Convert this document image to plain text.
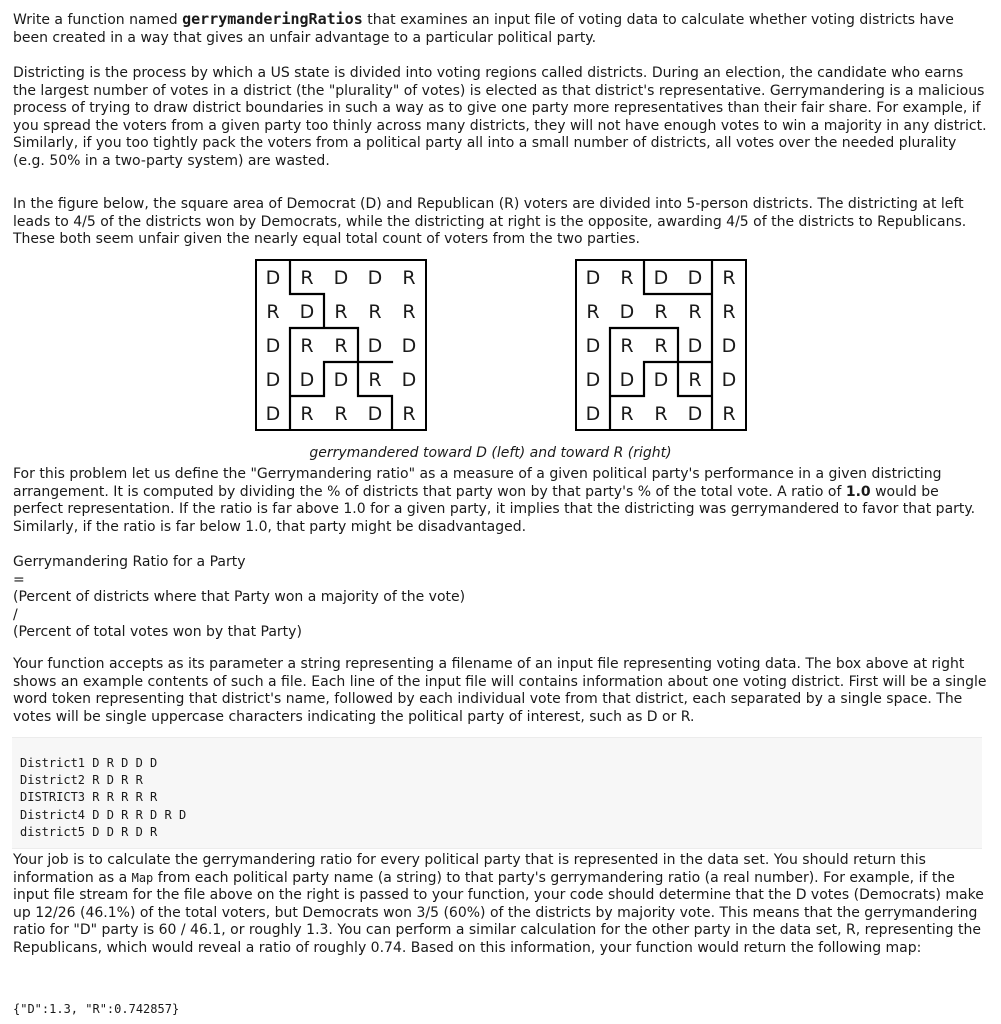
Write a function named gerrymanderingRatios that examines an input file of voting data to calculate whether voting districts have been created in a way that gives an unfair advantage to a particular political party.

Districting is the process by which a US state is divided into voting regions called districts. During an election, the candidate who earns the largest number of votes in a district (the "plurality" of votes) is elected as that district's representative. Gerrymandering is a malicious process of trying to draw district boundaries in such a way as to give one party more representatives than their fair share. For example, if you spread the voters from a given party too thinly across many districts, they will not have enough votes to win a majority in any district. Similarly, if you too tightly pack the voters from a political party all into a small number of districts, all votes over the needed plurality (e.g. 50% in a two-party system) are wasted.

In the figure below, the square area of Democrat (D) and Republican (R) voters are divided into 5-person districts. The districting at left leads to 4/5 of the districts won by Democrats, while the districting at right is the opposite, awarding 4/5 of the districts to Republicans. These both seem unfair given the nearly equal total count of voters from the two parties.

D R D D R
R D R R R
D R R D D
D D D R D
D R R D R
D R D D R
R D R R R
D R R D D
D D D R D
D R R D R
gerrymandered toward D (left) and toward R (right)

For this problem let us define the "Gerrymandering ratio" as a measure of a given political party's performance in a given districting arrangement. It is computed by dividing the % of districts that party won by that party's % of the total vote. A ratio of 1.0 would be perfect representation. If the ratio is far above 1.0 for a given party, it implies that the districting was gerrymandered to favor that party. Similarly, if the ratio is far below 1.0, that party might be disadvantaged.

Gerrymandering Ratio for a Party
=
(Percent of districts where that Party won a majority of the vote)
/
(Percent of total votes won by that Party)

Your function accepts as its parameter a string representing a filename of an input file representing voting data. The box above at right shows an example contents of such a file. Each line of the input file will contains information about one voting district. First will be a single word token representing that district's name, followed by each individual vote from that district, each separated by a single space. The votes will be single uppercase characters indicating the political party of interest, such as D or R.

District1 D R D D D
District2 R D R R
DISTRICT3 R R R R R
District4 D D R R D R D
district5 D D R D R

Your job is to calculate the gerrymandering ratio for every political party that is represented in the data set. You should return this information as a Map from each political party name (a string) to that party's gerrymandering ratio (a real number). For example, if the input file stream for the file above on the right is passed to your function, your code should determine that the D votes (Democrats) make up 12/26 (46.1%) of the total voters, but Democrats won 3/5 (60%) of the districts by majority vote. This means that the gerrymandering ratio for "D" party is 60 / 46.1, or roughly 1.3. You can perform a similar calculation for the other party in the data set, R, representing the Republicans, which would reveal a ratio of roughly 0.74. Based on this information, your function would return the following map:

{"D":1.3, "R":0.742857}
